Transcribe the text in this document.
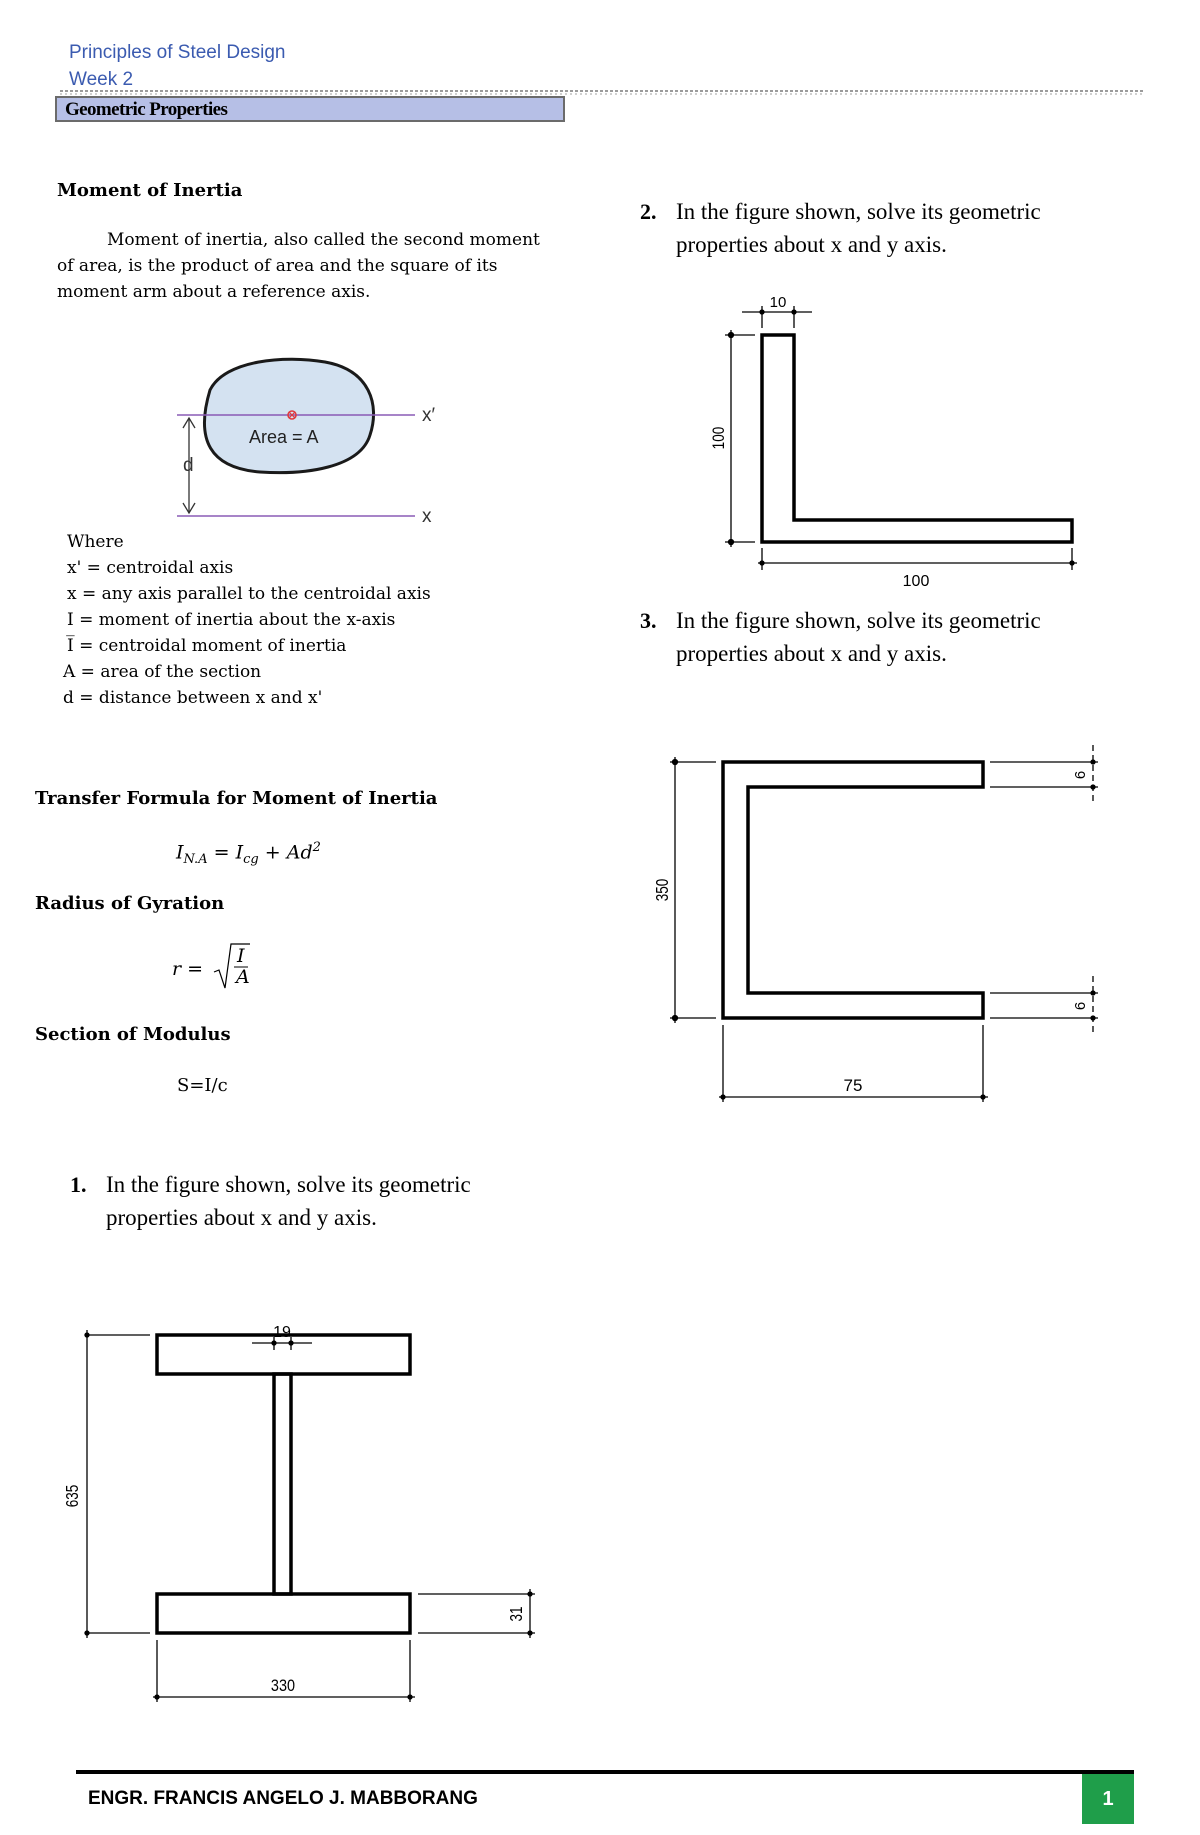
Principles of Steel Design
Week 2
Geometric Properties
Moment of Inertia
Moment of inertia, also called the second moment
of area, is the product of area and the square of its
moment arm about a reference axis.
d
Area = A
x′
x
Where
x' = centroidal axis
x = any axis parallel to the centroidal axis
I = moment of inertia about the x-axis
I̅ = centroidal moment of inertia
A = area of the section
d = distance between x and x'
Transfer Formula for Moment of Inertia
$I_{N.A} = I_{cg} + Ad^2$
Radius of Gyration
r =
I
A
Section of Modulus
S=I/c
1. In the figure shown, solve its geometric
properties about x and y axis.
635
31
330
19
2. In the figure shown, solve its geometric
properties about x and y axis.
100
10
100
3. In the figure shown, solve its geometric
properties about x and y axis.
350
75
6
6
ENGR. FRANCIS ANGELO J. MABBORANG	1
